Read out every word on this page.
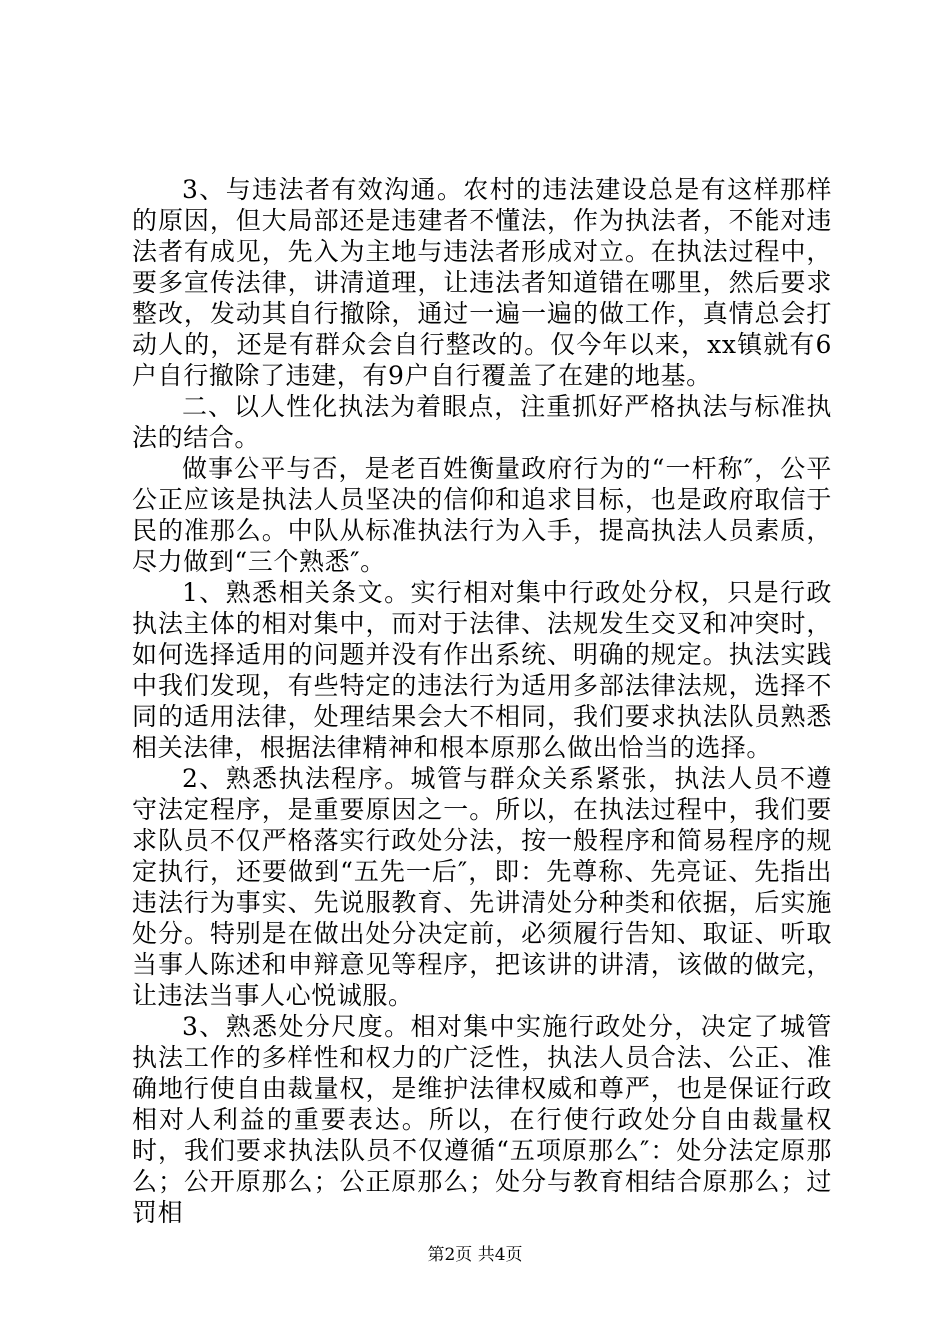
3、与违法者有效沟通。农村的违法建设总是有这样那样的原因，但大局部还是违建者不懂法，作为执法者，不能对违法者有成见，先入为主地与违法者形成对立。在执法过程中，要多宣传法律，讲清道理，让违法者知道错在哪里，然后要求整改，发动其自行撤除，通过一遍一遍的做工作，真情总会打动人的，还是有群众会自行整改的。仅今年以来，xx镇就有6户自行撤除了违建，有9户自行覆盖了在建的地基。

二、以人性化执法为着眼点，注重抓好严格执法与标准执法的结合。

做事公平与否，是老百姓衡量政府行为的“一杆称″，公平公正应该是执法人员坚决的信仰和追求目标，也是政府取信于民的准那么。中队从标准执法行为入手，提高执法人员素质，尽力做到“三个熟悉″。

1、熟悉相关条文。实行相对集中行政处分权，只是行政执法主体的相对集中，而对于法律、法规发生交叉和冲突时，如何选择适用的问题并没有作出系统、明确的规定。执法实践中我们发现，有些特定的违法行为适用多部法律法规，选择不同的适用法律，处理结果会大不相同，我们要求执法队员熟悉相关法律，根据法律精神和根本原那么做出恰当的选择。

2、熟悉执法程序。城管与群众关系紧张，执法人员不遵守法定程序，是重要原因之一。所以，在执法过程中，我们要求队员不仅严格落实行政处分法，按一般程序和简易程序的规定执行，还要做到“五先一后″，即：先尊称、先亮证、先指出违法行为事实、先说服教育、先讲清处分种类和依据，后实施处分。特别是在做出处分决定前，必须履行告知、取证、听取当事人陈述和申辩意见等程序，把该讲的讲清，该做的做完，让违法当事人心悦诚服。

3、熟悉处分尺度。相对集中实施行政处分，决定了城管执法工作的多样性和权力的广泛性，执法人员合法、公正、准确地行使自由裁量权，是维护法律权威和尊严，也是保证行政相对人利益的重要表达。所以，在行使行政处分自由裁量权时，我们要求执法队员不仅遵循“五项原那么″：处分法定原那么；公开原那么；公正原那么；处分与教育相结合原那么；过罚相

第2页 共4页
